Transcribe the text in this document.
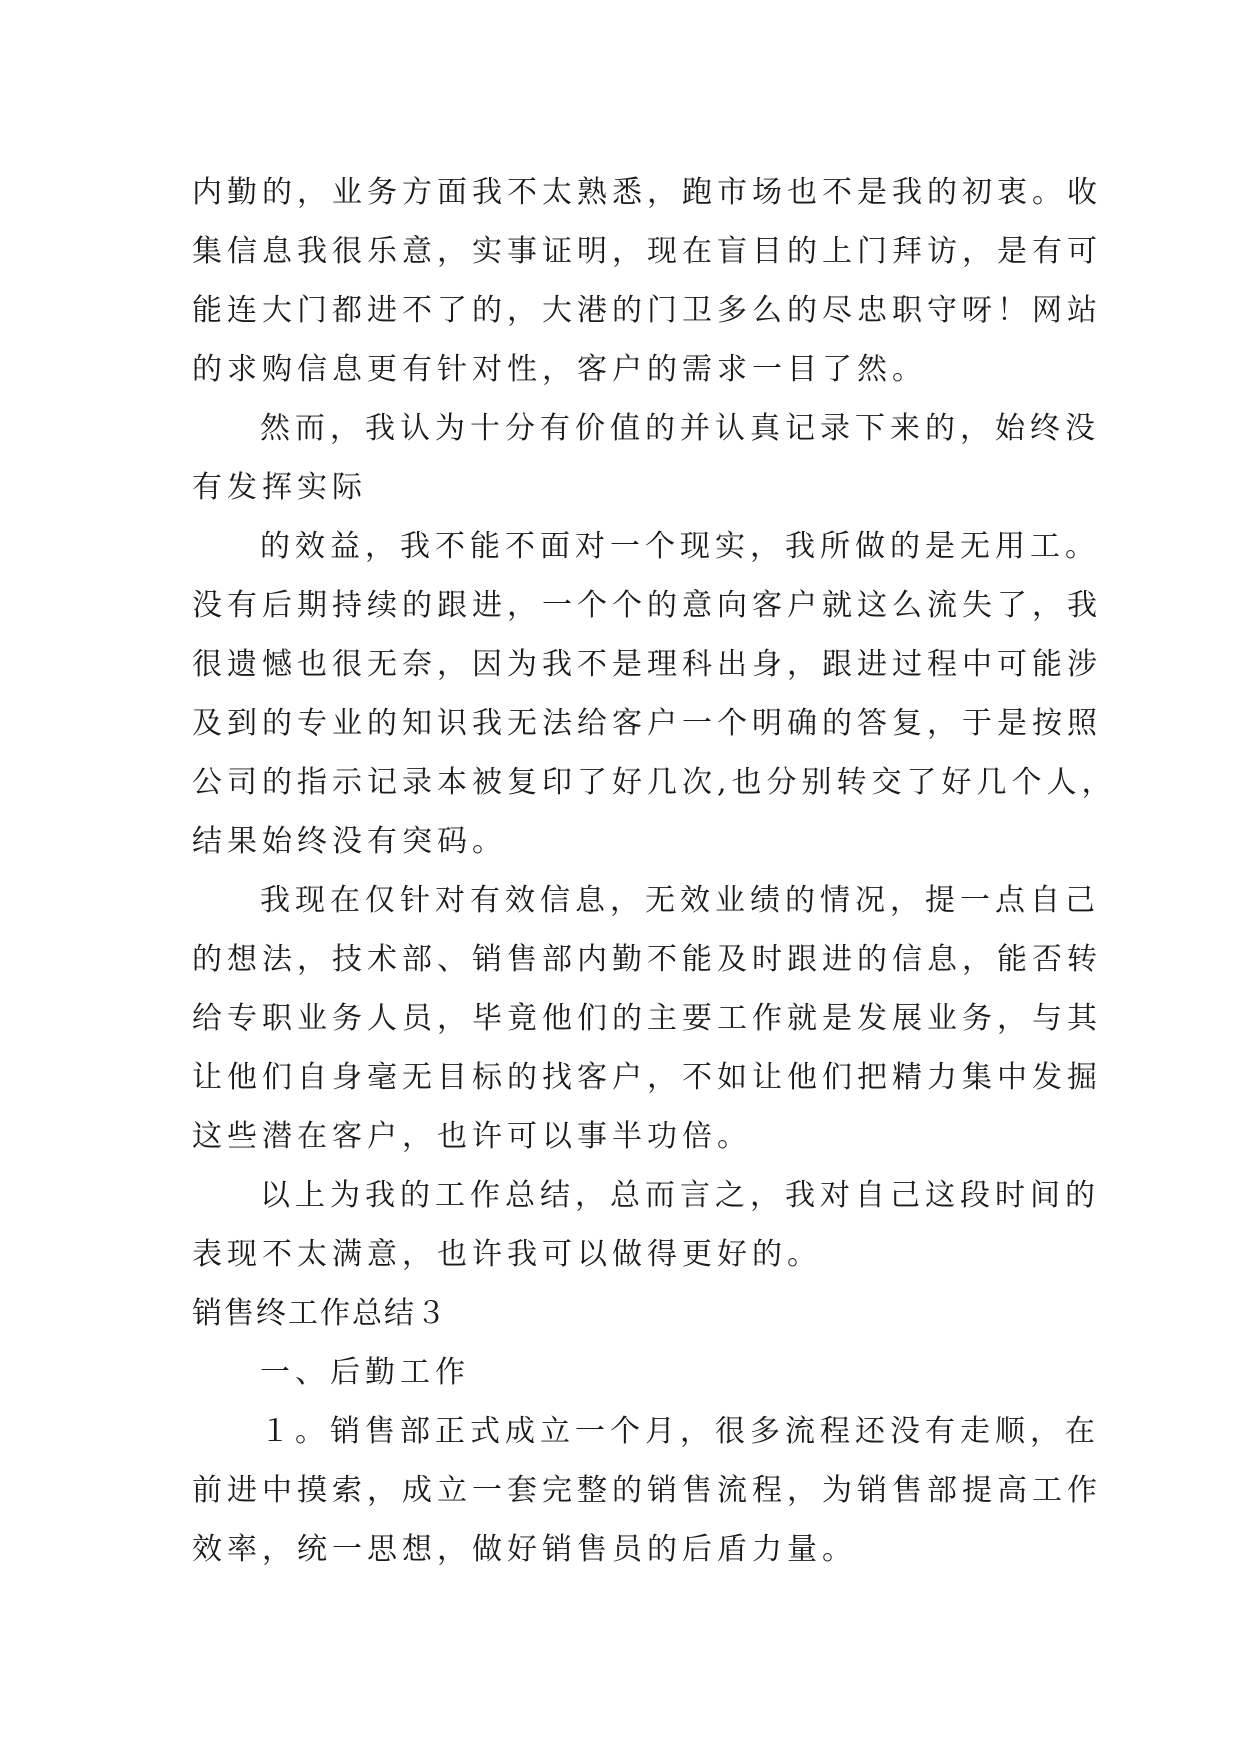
内勤的，业务方面我不太熟悉，跑市场也不是我的初衷。收

集信息我很乐意，实事证明，现在盲目的上门拜访，是有可

能连大门都进不了的，大港的门卫多么的尽忠职守呀！网站

的求购信息更有针对性，客户的需求一目了然。

然而，我认为十分有价值的并认真记录下来的，始终没

有发挥实际

的效益，我不能不面对一个现实，我所做的是无用工。

没有后期持续的跟进，一个个的意向客户就这么流失了，我

很遗憾也很无奈，因为我不是理科出身，跟进过程中可能涉

及到的专业的知识我无法给客户一个明确的答复，于是按照

公司的指示记录本被复印了好几次,也分别转交了好几个人，

结果始终没有突码。

我现在仅针对有效信息，无效业绩的情况，提一点自己

的想法，技术部、销售部内勤不能及时跟进的信息，能否转

给专职业务人员，毕竟他们的主要工作就是发展业务，与其

让他们自身毫无目标的找客户，不如让他们把精力集中发掘

这些潜在客户，也许可以事半功倍。

以上为我的工作总结，总而言之，我对自己这段时间的

表现不太满意，也许我可以做得更好的。

销售终工作总结３

一、后勤工作

１。销售部正式成立一个月，很多流程还没有走顺，在

前进中摸索，成立一套完整的销售流程，为销售部提高工作

效率，统一思想，做好销售员的后盾力量。
